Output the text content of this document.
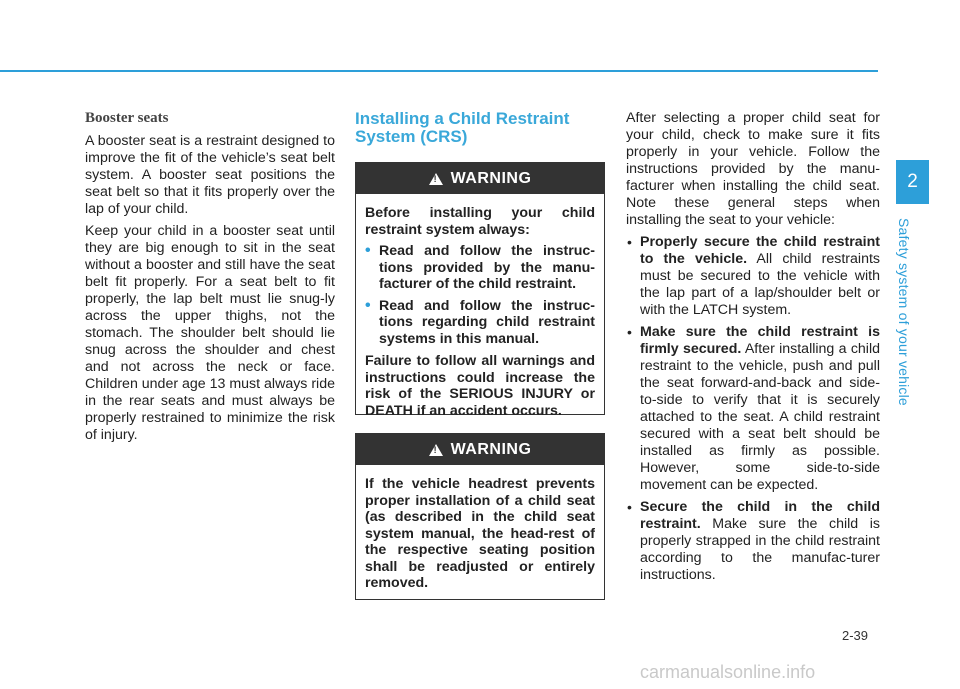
Booster seats

A booster seat is a restraint designed to improve the fit of the vehicle’s seat belt system. A booster seat positions the seat belt so that it fits properly over the lap of your child.

Keep your child in a booster seat until they are big enough to sit in the seat without a booster and still have the seat belt fit properly. For a seat belt to fit properly, the lap belt must lie snug-ly across the upper thighs, not the stomach. The shoulder belt should lie snug across the shoulder and chest and not across the neck or face. Children under age 13 must always ride in the rear seats and must always be properly restrained to minimize the risk of injury.

Installing a Child Restraint System (CRS)
!
WARNING

Before installing your child restraint system always:

• Read and follow the instruc-tions provided by the manu-facturer of the child restraint.
• Read and follow the instruc-tions regarding child restraint systems in this manual.

Failure to follow all warnings and instructions could increase the risk of the SERIOUS INJURY or DEATH if an accident occurs.

!
WARNING

If the vehicle headrest prevents proper installation of a child seat (as described in the child seat system manual, the head-rest of the respective seating position shall be readjusted or entirely removed.

After selecting a proper child seat for your child, check to make sure it fits properly in your vehicle. Follow the instructions provided by the manu-facturer when installing the child seat. Note these general steps when installing the seat to your vehicle:

• Properly secure the child restraint to the vehicle. All child restraints must be secured to the vehicle with the lap part of a lap/shoulder belt or with the LATCH system.
• Make sure the child restraint is firmly secured. After installing a child restraint to the vehicle, push and pull the seat forward-and-back and side-to-side to verify that it is securely attached to the seat. A child restraint secured with a seat belt should be installed as firmly as possible. However, some side-to-side movement can be expected.
• Secure the child in the child restraint. Make sure the child is properly strapped in the child restraint according to the manufac-turer instructions.
2
Safety system of your vehicle
2-39
carmanualsonline.info
